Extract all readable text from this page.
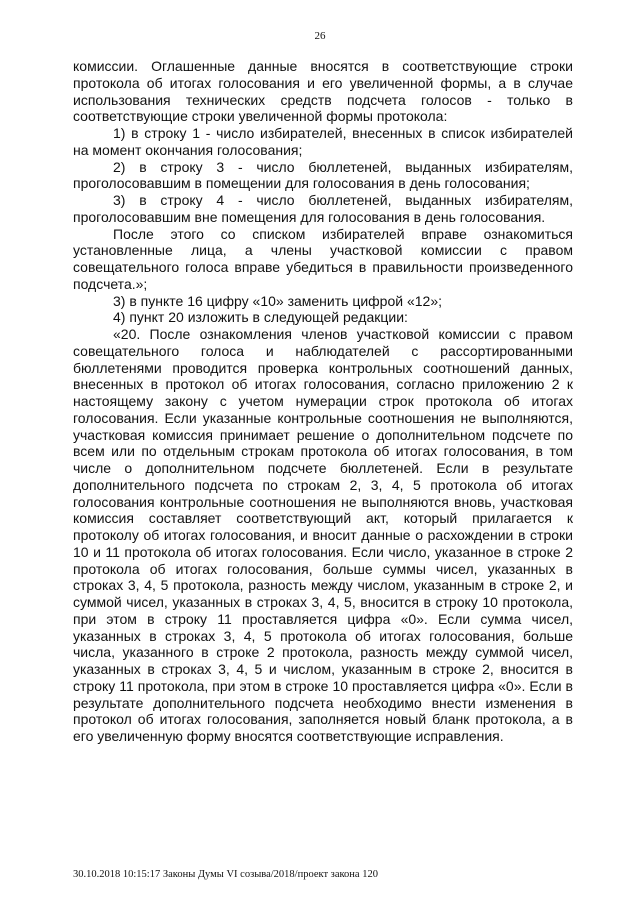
26

комиссии. Оглашенные данные вносятся в соответствующие строки протокола об итогах голосования и его увеличенной формы, а в случае использования технических средств подсчета голосов - только в соответствующие строки увеличенной формы протокола:

1) в строку 1 - число избирателей, внесенных в список избирателей на момент окончания голосования;

2) в строку 3 - число бюллетеней, выданных избирателям, проголосовавшим в помещении для голосования в день голосования;

3) в строку 4 - число бюллетеней, выданных избирателям, проголосовавшим вне помещения для голосования в день голосования.

После этого со списком избирателей вправе ознакомиться установленные лица, а члены участковой комиссии с правом совещательного голоса вправе убедиться в правильности произведенного подсчета.»;

3) в пункте 16 цифру «10» заменить цифрой «12»;

4) пункт 20 изложить в следующей редакции:

«20. После ознакомления членов участковой комиссии с правом совещательного голоса и наблюдателей с рассортированными бюллетенями проводится проверка контрольных соотношений данных, внесенных в протокол об итогах голосования, согласно приложению 2 к настоящему закону с учетом нумерации строк протокола об итогах голосования. Если указанные контрольные соотношения не выполняются, участковая комиссия принимает решение о дополнительном подсчете по всем или по отдельным строкам протокола об итогах голосования, в том числе о дополнительном подсчете бюллетеней. Если в результате дополнительного подсчета по строкам 2, 3, 4, 5 протокола об итогах голосования контрольные соотношения не выполняются вновь, участковая комиссия составляет соответствующий акт, который прилагается к протоколу об итогах голосования, и вносит данные о расхождении в строки 10 и 11 протокола об итогах голосования. Если число, указанное в строке 2 протокола об итогах голосования, больше суммы чисел, указанных в строках 3, 4, 5 протокола, разность между числом, указанным в строке 2, и суммой чисел, указанных в строках 3, 4, 5, вносится в строку 10 протокола, при этом в строку 11 проставляется цифра «0». Если сумма чисел, указанных в строках 3, 4, 5 протокола об итогах голосования, больше числа, указанного в строке 2 протокола, разность между суммой чисел, указанных в строках 3, 4, 5 и числом, указанным в строке 2, вносится в строку 11 протокола, при этом в строке 10 проставляется цифра «0». Если в результате дополнительного подсчета необходимо внести изменения в протокол об итогах голосования, заполняется новый бланк протокола, а в его увеличенную форму вносятся соответствующие исправления.

30.10.2018 10:15:17 Законы Думы VI созыва/2018/проект закона 120
